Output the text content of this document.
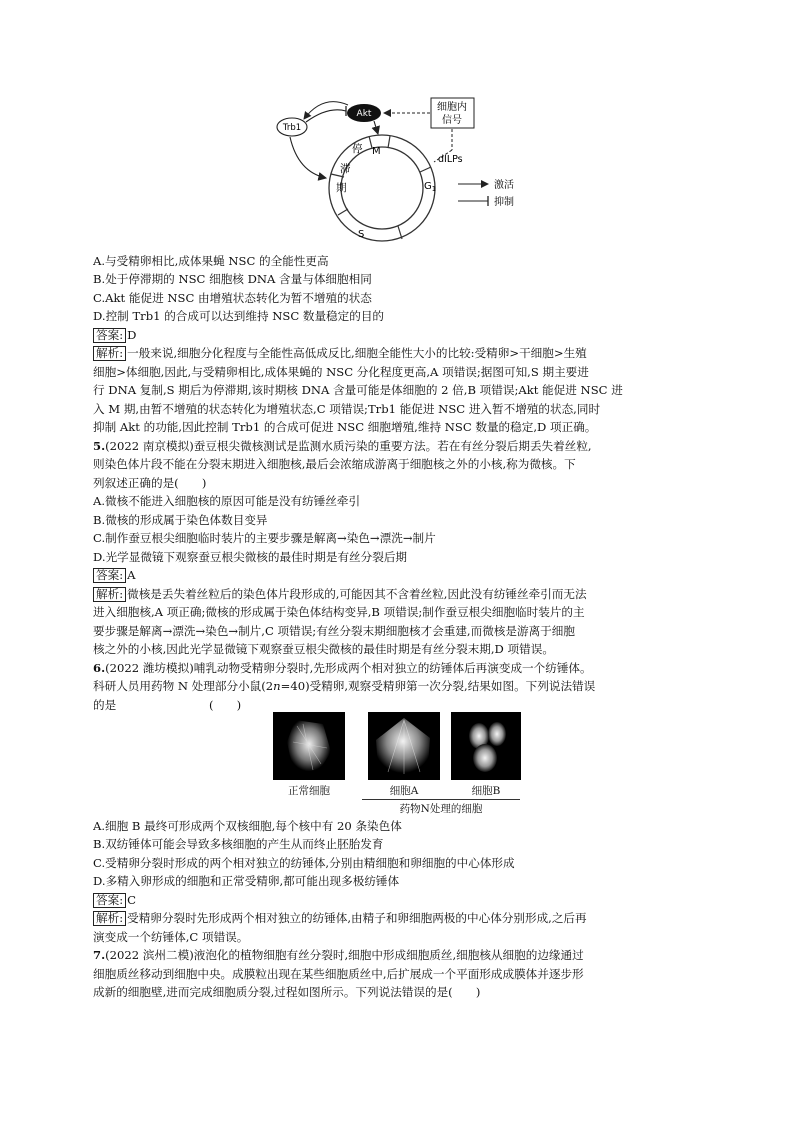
M
$G_1$
S
停
滞
期
Akt
Trb1
细胞内
信号
dILPs
激活
抑制
A.与受精卵相比,成体果蝇 NSC 的全能性更高
B.处于停滞期的 NSC 细胞核 DNA 含量与体细胞相同
C.Akt 能促进 NSC 由增殖状态转化为暂不增殖的状态
D.控制 Trb1 的合成可以达到维持 NSC 数量稳定的目的
答案: D
解析: 一般来说,细胞分化程度与全能性高低成反比,细胞全能性大小的比较:受精卵>干细胞>生殖
细胞>体细胞,因此,与受精卵相比,成体果蝇的 NSC 分化程度更高,A 项错误;据图可知,S 期主要进
行 DNA 复制,S 期后为停滞期,该时期核 DNA 含量可能是体细胞的 2 倍,B 项错误;Akt 能促进 NSC 进
入 M 期,由暂不增殖的状态转化为增殖状态,C 项错误;Trb1 能促进 NSC 进入暂不增殖的状态,同时
抑制 Akt 的功能,因此控制 Trb1 的合成可促进 NSC 细胞增殖,维持 NSC 数量的稳定,D 项正确。
5.(2022 南京模拟)蚕豆根尖微核测试是监测水质污染的重要方法。若在有丝分裂后期丢失着丝粒,
则染色体片段不能在分裂末期进入细胞核,最后会浓缩成游离于细胞核之外的小核,称为微核。下
列叙述正确的是(　　)
A.微核不能进入细胞核的原因可能是没有纺锤丝牵引
B.微核的形成属于染色体数目变异
C.制作蚕豆根尖细胞临时装片的主要步骤是解离→染色→漂洗→制片
D.光学显微镜下观察蚕豆根尖微核的最佳时期是有丝分裂后期
答案: A
解析: 微核是丢失着丝粒后的染色体片段形成的,可能因其不含着丝粒,因此没有纺锤丝牵引而无法
进入细胞核,A 项正确;微核的形成属于染色体结构变异,B 项错误;制作蚕豆根尖细胞临时装片的主
要步骤是解离→漂洗→染色→制片,C 项错误;有丝分裂末期细胞核才会重建,而微核是游离于细胞
核之外的小核,因此光学显微镜下观察蚕豆根尖微核的最佳时期是有丝分裂末期,D 项错误。
6.(2022 潍坊模拟)哺乳动物受精卵分裂时,先形成两个相对独立的纺锤体后再演变成一个纺锤体。
科研人员用药物 N 处理部分小鼠(2n=40)受精卵,观察受精卵第一次分裂,结果如图。下列说法错误
的是　　　　　　　　(　　)
正常细胞	细胞A	细胞B
药物N处理的细胞
A.细胞 B 最终可形成两个双核细胞,每个核中有 20 条染色体
B.双纺锤体可能会导致多核细胞的产生从而终止胚胎发育
C.受精卵分裂时形成的两个相对独立的纺锤体,分别由精细胞和卵细胞的中心体形成
D.多精入卵形成的细胞和正常受精卵,都可能出现多极纺锤体
答案: C
解析: 受精卵分裂时先形成两个相对独立的纺锤体,由精子和卵细胞两极的中心体分别形成,之后再
演变成一个纺锤体,C 项错误。
7.(2022 滨州二模)液泡化的植物细胞有丝分裂时,细胞中形成细胞质丝,细胞核从细胞的边缘通过
细胞质丝移动到细胞中央。成膜粒出现在某些细胞质丝中,后扩展成一个平面形成成膜体并逐步形
成新的细胞壁,进而完成细胞质分裂,过程如图所示。下列说法错误的是(　　)
